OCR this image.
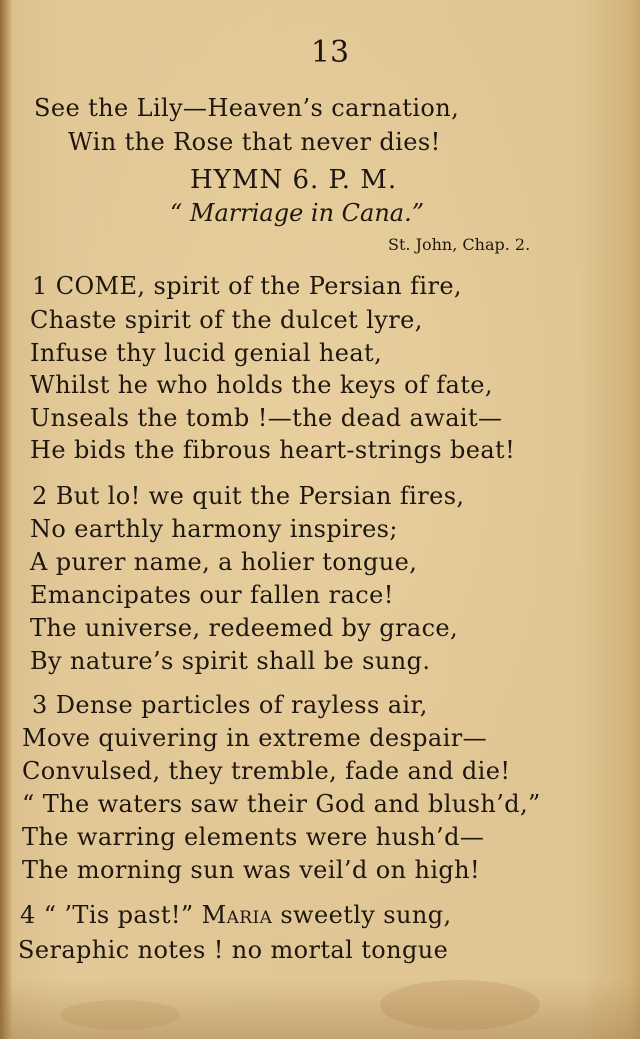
13
See the Lily—Heaven’s carnation,
Win the Rose that never dies!
HYMN 6. P. M.
“ Marriage in Cana.”
St. John, Chap. 2.
1 COME, spirit of the Persian fire,
Chaste spirit of the dulcet lyre,
Infuse thy lucid genial heat,
Whilst he who holds the keys of fate,
Unseals the tomb !—the dead await—
He bids the fibrous heart-strings beat!
2 But lo! we quit the Persian fires,
No earthly harmony inspires;
A purer name, a holier tongue,
Emancipates our fallen race!
The universe, redeemed by grace,
By nature’s spirit shall be sung.
3 Dense particles of rayless air,
Move quivering in extreme despair—
Convulsed, they tremble, fade and die!
“ The waters saw their God and blush’d,”
The warring elements were hush’d—
The morning sun was veil’d on high!
4 “ ’Tis past!” Maria sweetly sung,
Seraphic notes ! no mortal tongue
